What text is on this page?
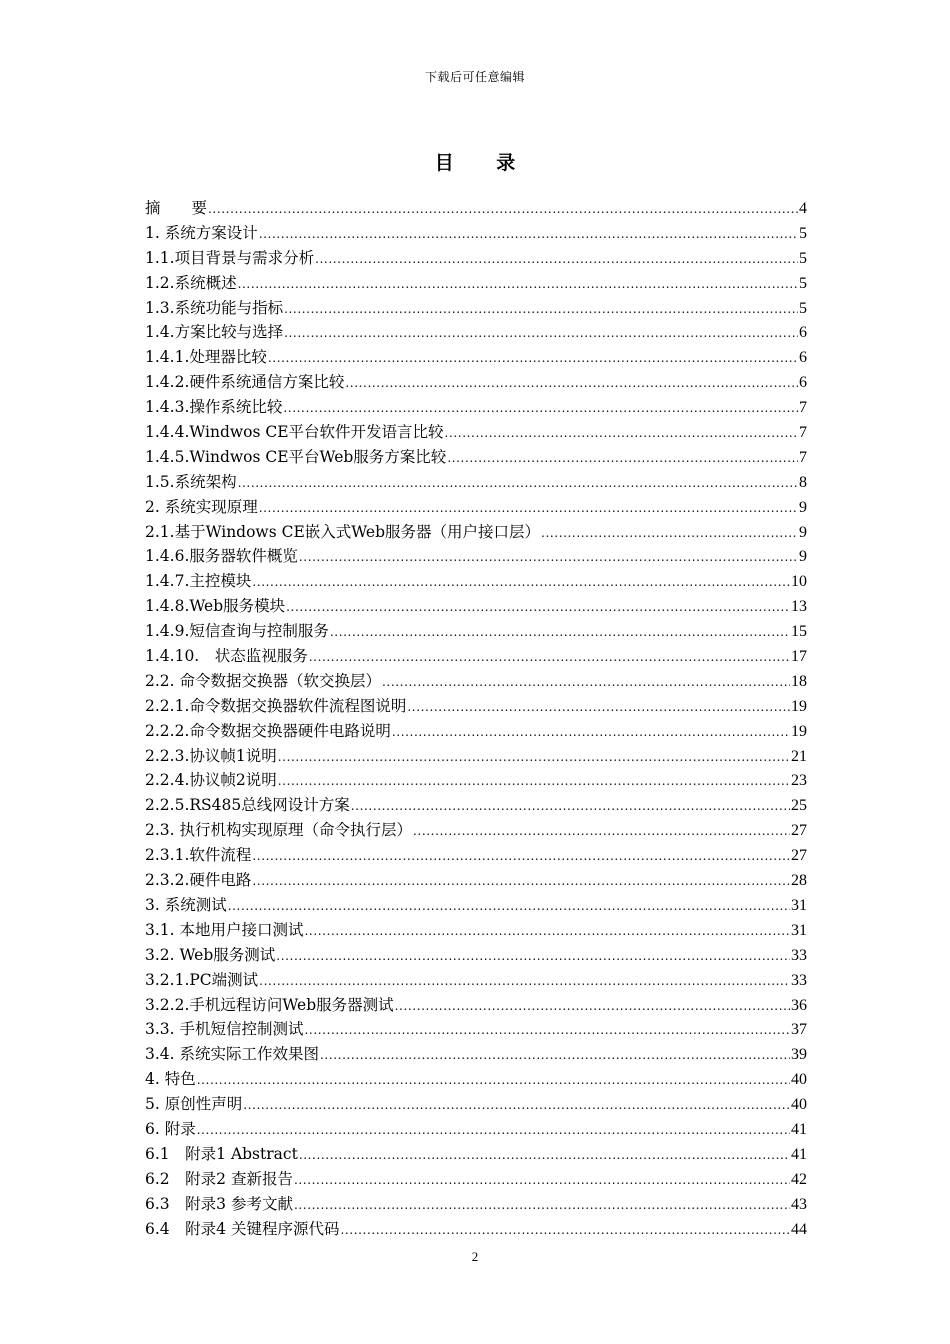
下载后可任意编辑
目 录
摘　　要 .....	4
1. 系统方案设计 .....	5
1.1.项目背景与需求分析 .....	5
1.2.系统概述 .....	5
1.3.系统功能与指标 .....	5
1.4.方案比较与选择 .....	6
1.4.1.处理器比较 .....	6
1.4.2.硬件系统通信方案比较 .....	6
1.4.3.操作系统比较 .....	7
1.4.4.Windwos CE平台软件开发语言比较 .....	7
1.4.5.Windwos CE平台Web服务方案比较 .....	7
1.5.系统架构 .....	8
2. 系统实现原理 .....	9
2.1.基于Windows CE嵌入式Web服务器（用户接口层） .....	9
1.4.6.服务器软件概览 .....	9
1.4.7.主控模块 .....	10
1.4.8.Web服务模块 .....	13
1.4.9.短信查询与控制服务 .....	15
1.4.10.　状态监视服务 .....	17
2.2. 命令数据交换器（软交换层） .....	18
2.2.1.命令数据交换器软件流程图说明 .....	19
2.2.2.命令数据交换器硬件电路说明 .....	19
2.2.3.协议帧1说明 .....	21
2.2.4.协议帧2说明 .....	23
2.2.5.RS485总线网设计方案 .....	25
2.3. 执行机构实现原理（命令执行层） .....	27
2.3.1.软件流程 .....	27
2.3.2.硬件电路 .....	28
3. 系统测试 .....	31
3.1. 本地用户接口测试 .....	31
3.2. Web服务测试 .....	33
3.2.1.PC端测试 .....	33
3.2.2.手机远程访问Web服务器测试 .....	36
3.3. 手机短信控制测试 .....	37
3.4. 系统实际工作效果图 .....	39
4. 特色 .....	40
5. 原创性声明 .....	40
6. 附录 .....	41
6.1　附录1 Abstract .....	41
6.2　附录2 查新报告 .....	42
6.3　附录3 参考文献 .....	43
6.4　附录4 关键程序源代码 .....	44
2
